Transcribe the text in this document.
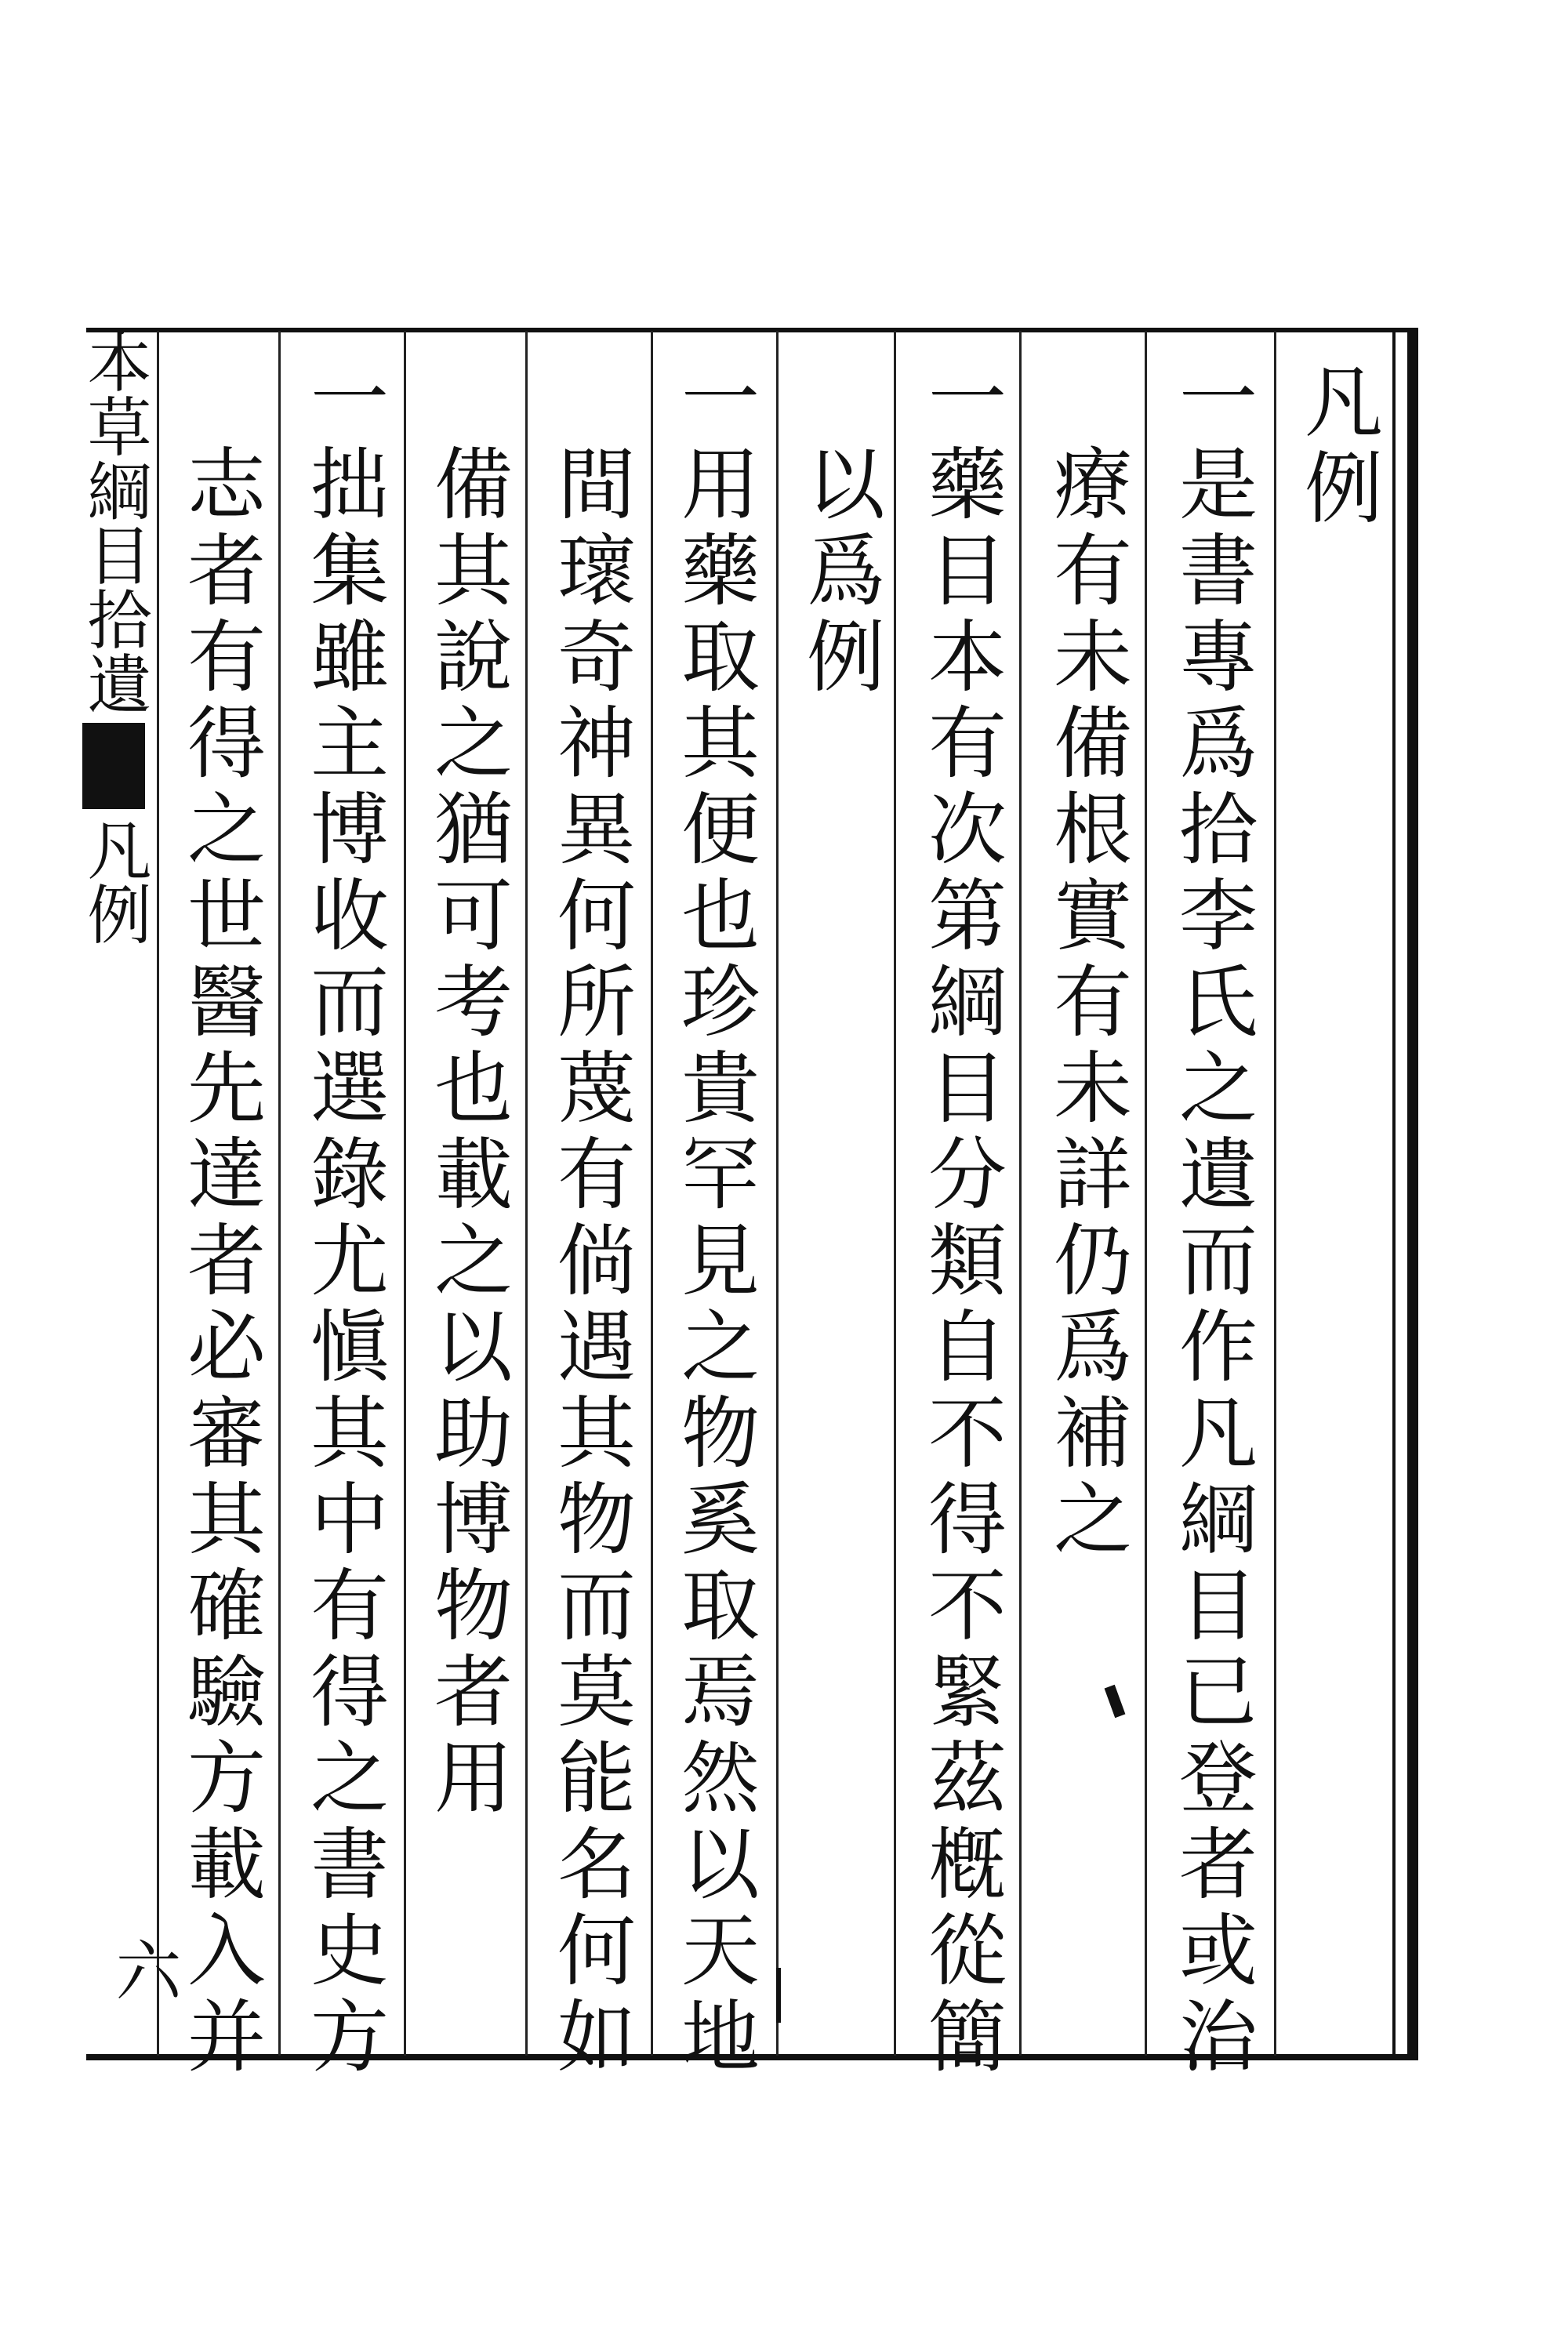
凡例
一是書專爲拾李氏之遺而作凡綱目已登者或治
療有未備根實有未詳仍爲補之
一藥目本有次第綱目分類自不得不緊茲槪從簡
以爲例
一用藥取其便也珍貴罕見之物奚取焉然以天地
間瓌奇神異何所蔑有倘遇其物而莫能名何如
備其說之猶可考也載之以助博物者用
一拙集雖主博收而選錄尤愼其中有得之書史方
志者有得之世醫先達者必審其確驗方載入并
本草綱目拾遺凡例
六
